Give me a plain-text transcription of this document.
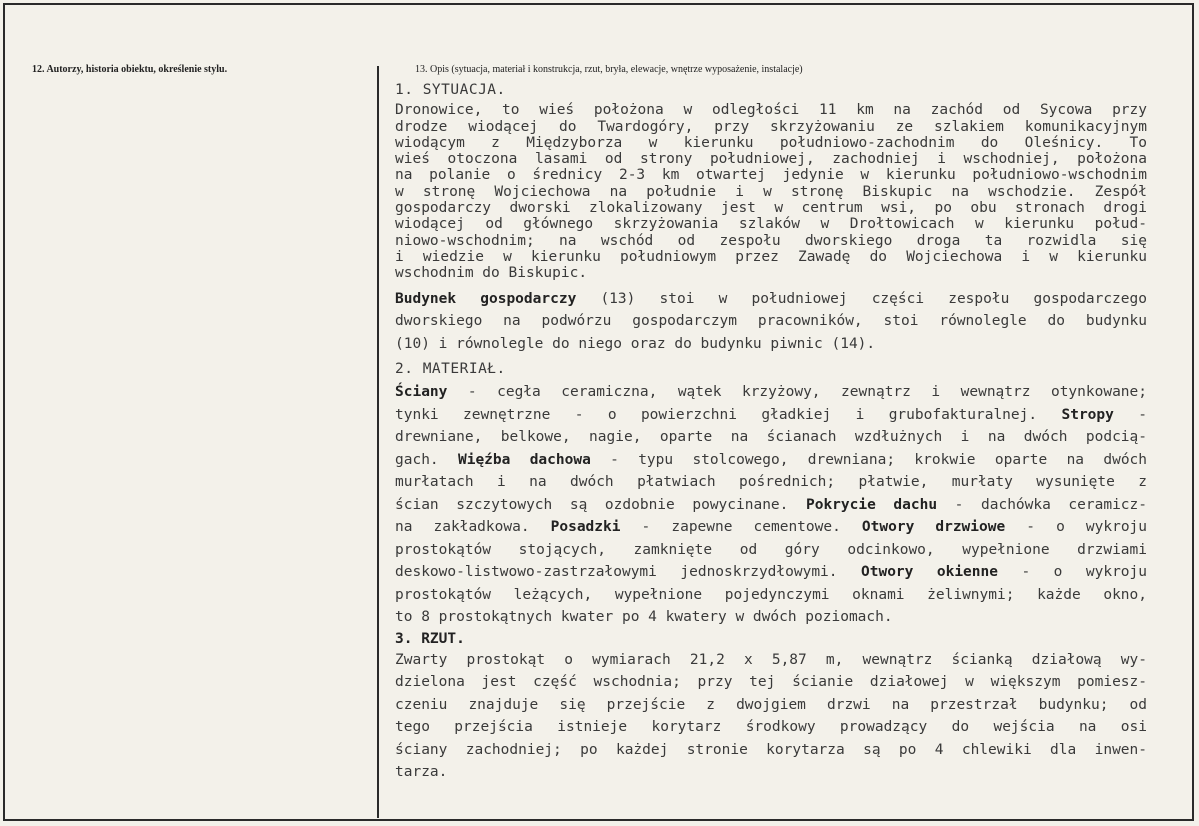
12. Autorzy, historia obiektu, określenie stylu.	13. Opis (sytuacja, materiał i konstrukcja, rzut, bryła, elewacje, wnętrze wyposażenie, instalacje)
1. SYTUACJA.
Dronowice, to wieś położona w odległości 11 km na zachód od Sycowa przy
drodze wiodącej do Twardogóry, przy skrzyżowaniu ze szlakiem komunikacyjnym
wiodącym z Międzyborza w kierunku południowo-zachodnim do Oleśnicy. To
wieś otoczona lasami od strony południowej, zachodniej i wschodniej, położona
na polanie o średnicy 2-3 km otwartej jedynie w kierunku południowo-wschodnim
w stronę Wojciechowa na południe i w stronę Biskupic na wschodzie. Zespół
gospodarczy dworski zlokalizowany jest w centrum wsi, po obu stronach drogi
wiodącej od głównego skrzyżowania szlaków w Drołtowicach w kierunku połud-
niowo-wschodnim; na wschód od zespołu dworskiego droga ta rozwidla się
i wiedzie w kierunku południowym przez Zawadę do Wojciechowa i w kierunku
wschodnim do Biskupic.
Budynek gospodarczy (13) stoi w południowej części zespołu gospodarczego
dworskiego na podwórzu gospodarczym pracowników, stoi równolegle do budynku
(10) i równolegle do niego oraz do budynku piwnic (14).
2. MATERIAŁ.
Ściany - cegła ceramiczna, wątek krzyżowy, zewnątrz i wewnątrz otynkowane;
tynki zewnętrzne - o powierzchni gładkiej i grubofakturalnej. Stropy -
drewniane, belkowe, nagie, oparte na ścianach wzdłużnych i na dwóch podcią-
gach. Więźba dachowa - typu stolcowego, drewniana; krokwie oparte na dwóch
murłatach i na dwóch płatwiach pośrednich; płatwie, murłaty wysunięte z
ścian szczytowych są ozdobnie powycinane. Pokrycie dachu - dachówka ceramicz-
na zakładkowa. Posadzki - zapewne cementowe. Otwory drzwiowe - o wykroju
prostokątów stojących, zamknięte od góry odcinkowo, wypełnione drzwiami
deskowo-listwowo-zastrzałowymi jednoskrzydłowymi. Otwory okienne - o wykroju
prostokątów leżących, wypełnione pojedynczymi oknami żeliwnymi; każde okno,
to 8 prostokątnych kwater po 4 kwatery w dwóch poziomach.
3. RZUT.
Zwarty prostokąt o wymiarach 21,2 x 5,87 m, wewnątrz ścianką działową wy-
dzielona jest część wschodnia; przy tej ścianie działowej w większym pomiesz-
czeniu znajduje się przejście z dwojgiem drzwi na przestrzał budynku; od
tego przejścia istnieje korytarz środkowy prowadzący do wejścia na osi
ściany zachodniej; po każdej stronie korytarza są po 4 chlewiki dla inwen-
tarza.
